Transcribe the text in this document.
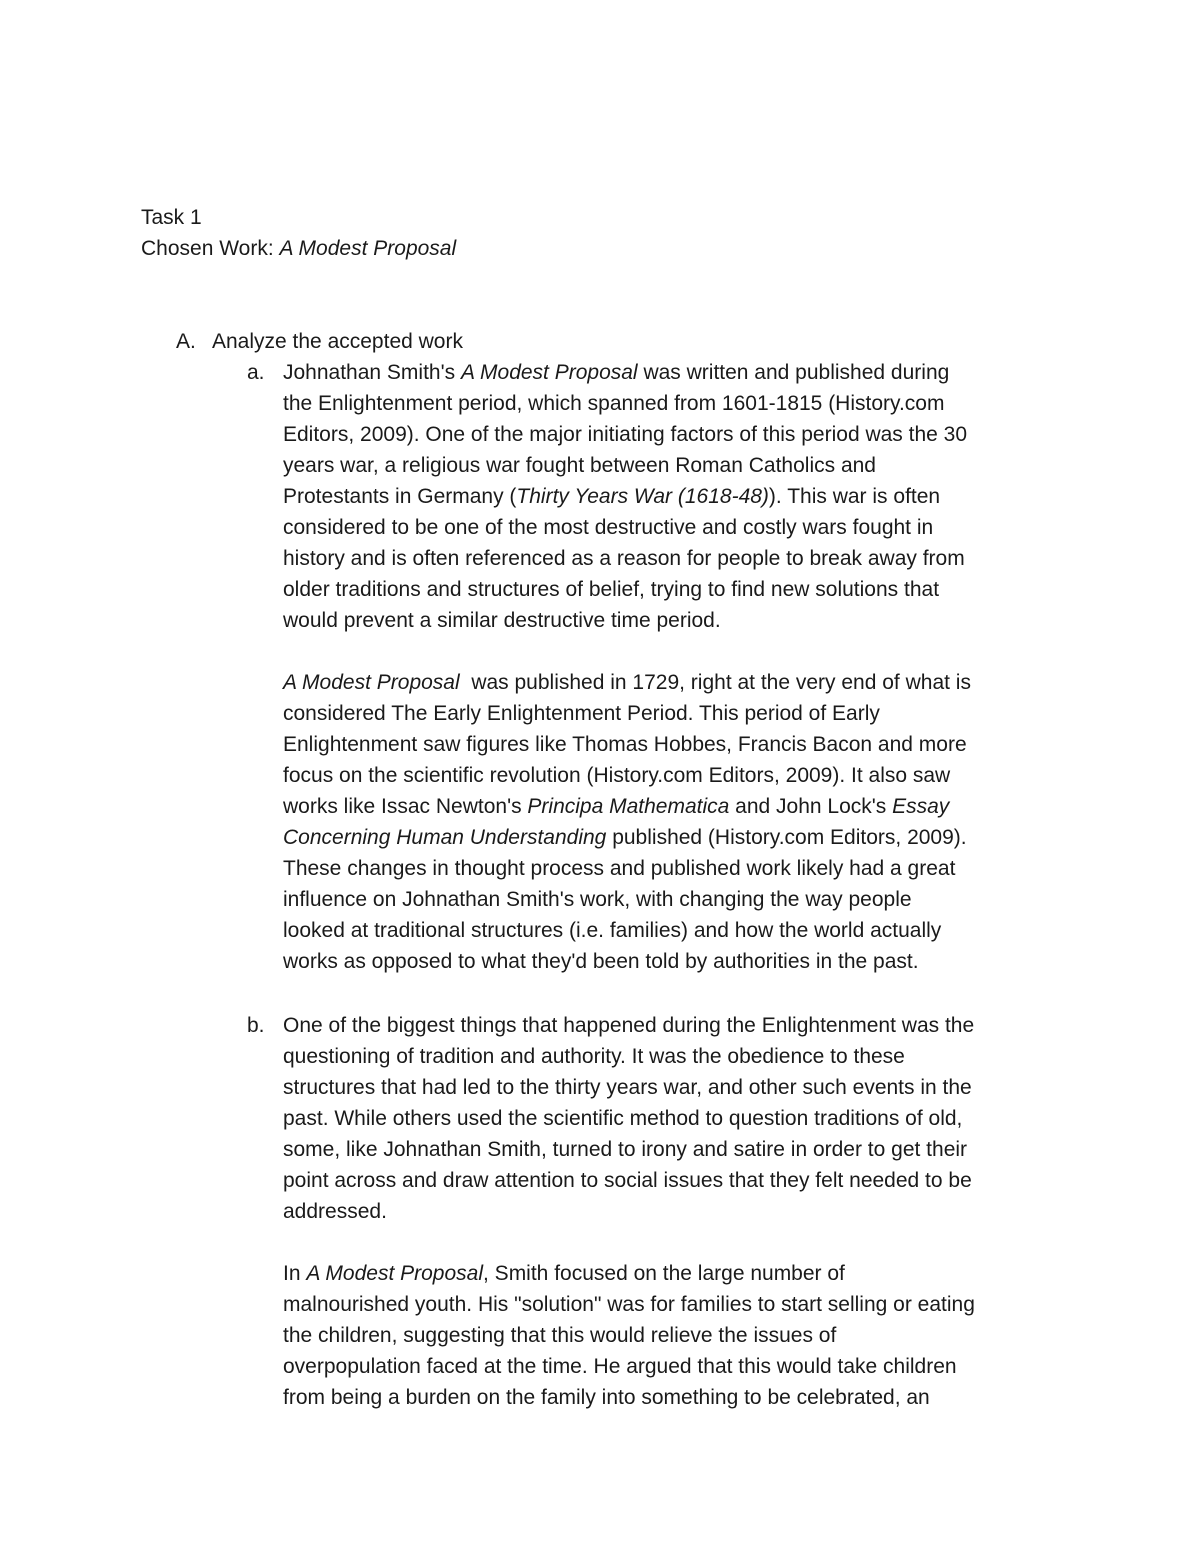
Task 1

Chosen Work: A Modest Proposal

A. Analyze the accepted work
a. Johnathan Smith's A Modest Proposal was written and published during
the Enlightenment period, which spanned from 1601-1815 (History.com
Editors, 2009). One of the major initiating factors of this period was the 30
years war, a religious war fought between Roman Catholics and
Protestants in Germany (Thirty Years War (1618-48)). This war is often
considered to be one of the most destructive and costly wars fought in
history and is often referenced as a reason for people to break away from
older traditions and structures of belief, trying to find new solutions that
would prevent a similar destructive time period.

A Modest Proposal  was published in 1729, right at the very end of what is
considered The Early Enlightenment Period. This period of Early
Enlightenment saw figures like Thomas Hobbes, Francis Bacon and more
focus on the scientific revolution (History.com Editors, 2009). It also saw
works like Issac Newton's Principa Mathematica and John Lock's Essay
Concerning Human Understanding published (History.com Editors, 2009).
These changes in thought process and published work likely had a great
influence on Johnathan Smith's work, with changing the way people
looked at traditional structures (i.e. families) and how the world actually
works as opposed to what they'd been told by authorities in the past.

b. One of the biggest things that happened during the Enlightenment was the
questioning of tradition and authority. It was the obedience to these
structures that had led to the thirty years war, and other such events in the
past. While others used the scientific method to question traditions of old,
some, like Johnathan Smith, turned to irony and satire in order to get their
point across and draw attention to social issues that they felt needed to be
addressed.

In A Modest Proposal, Smith focused on the large number of
malnourished youth. His "solution" was for families to start selling or eating
the children, suggesting that this would relieve the issues of
overpopulation faced at the time. He argued that this would take children
from being a burden on the family into something to be celebrated, an
